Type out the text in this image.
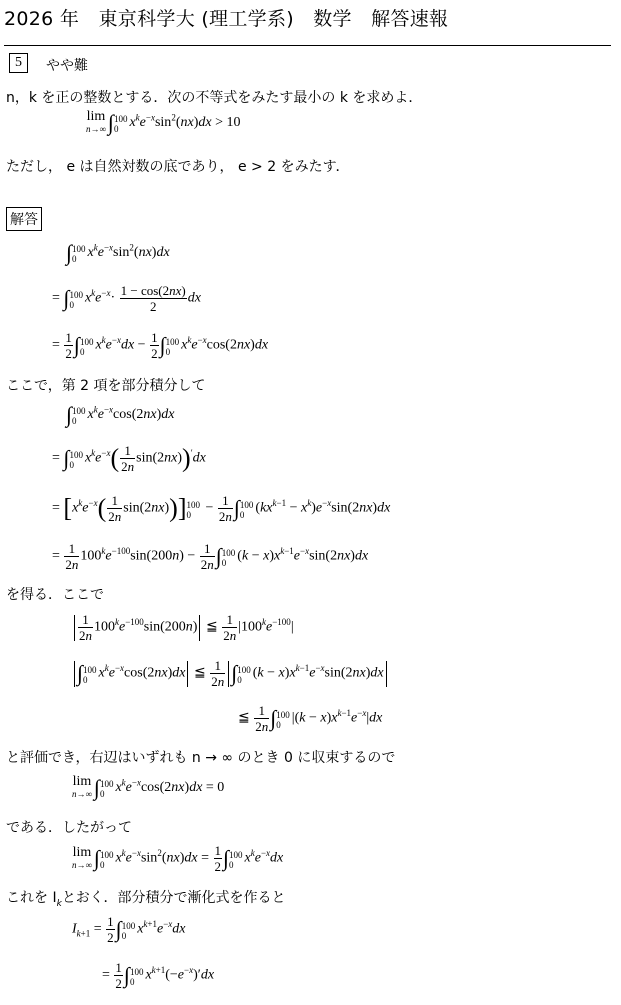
2026 年　東京科学大 (理工学系)　数学　解答速報
5	やや難
n，k を正の整数とする．次の不等式をみたす最小の k を求めよ．
lim
n→∞ ∫ 100
0 $x^ke^{-x}\sin^2(nx)dx > 10$
ただし， e は自然対数の底であり， e > 2 をみたす．
解答
∫ 100
0 $x^ke^{-x}\sin^2(nx)dx$
= ∫ 100
0 $x^ke^{-x}\cdot \frac{1 - \cos(2nx)}{2}$ dx
= $\frac{1}{2}$ ∫ 100
0 $x^ke^{-x}dx - \frac{1}{2}$ ∫ 100
0 $x^ke^{-x}\cos(2nx)dx$
ここで，第 2 項を部分積分して
∫ 100
0 $x^ke^{-x}\cos(2nx)dx$
= ∫ 100
0 $x^ke^{-x}( \frac{1}{2n} \sin(2nx))'dx$
= $[x^ke^{-x}( \frac{1}{2n} \sin(2nx))]$ 100
$0 - \frac{1}{2n}$ ∫ 100
0 $(kx^{k-1} - x^k)e^{-x}\sin(2nx)dx$
= $\frac{1}{2n} 100^ke^{-100}\sin(200n) - \frac{1}{2n}$ ∫ 100
0 $(k - x)x^{k-1}e^{-x}\sin(2nx)dx$
を得る．ここで
$\frac{1}{2n} 100^ke^{-100}\sin(200n)$ ≦ $\frac{1}{2n} |100^ke^{-100}|$
∫ 100
0 $x^ke^{-x}\cos(2nx)dx$ ≦ $\frac{1}{2n}$ ∫ 100
0 $(k - x)x^{k-1}e^{-x}\sin(2nx)dx$
≦ $\frac{1}{2n}$ ∫ 100
0 $|(k - x)x^{k-1}e^{-x}|dx$
と評価でき，右辺はいずれも n → ∞ のとき 0 に収束するので
lim
n→∞ ∫ 100
0 $x^ke^{-x}\cos(2nx)dx = 0$
である．したがって
lim
n→∞ ∫ 100
0 $x^ke^{-x}\sin^2(nx)dx = \frac{1}{2}$ ∫ 100
0 $x^ke^{-x}dx$
これを $I_k$とおく．部分積分で漸化式を作ると
$I_{k+1} = \frac{1}{2}$ ∫ 100
0 $x^{k+1}e^{-x}dx$
= $\frac{1}{2}$ ∫ 100
0 $x^{k+1}(-e^{-x})'dx$
